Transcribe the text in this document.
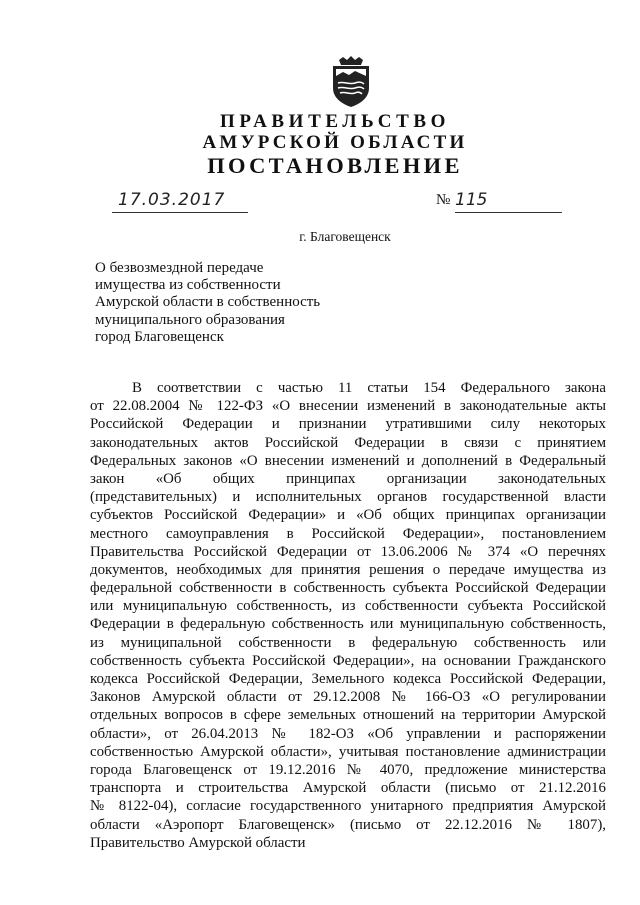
ПРАВИТЕЛЬСТВО
АМУРСКОЙ ОБЛАСТИ
ПОСТАНОВЛЕНИЕ
17.03.2017	№ 115
г. Благовещенск
О безвозмездной передаче
имущества из собственности
Амурской области в собственность
муниципального образования
город Благовещенск
В соответствии с частью 11 статьи 154 Федерального закона
от 22.08.2004 № 122-ФЗ «О внесении изменений в законодательные акты
Российской Федерации и признании утратившими силу некоторых
законодательных актов Российской Федерации в связи с принятием
Федеральных законов «О внесении изменений и дополнений в Федеральный
закон «Об общих принципах организации законодательных
(представительных) и исполнительных органов государственной власти
субъектов Российской Федерации» и «Об общих принципах организации
местного самоуправления в Российской Федерации», постановлением
Правительства Российской Федерации от 13.06.2006 № 374 «О перечнях
документов, необходимых для принятия решения о передаче имущества из
федеральной собственности в собственность субъекта Российской Федерации
или муниципальную собственность, из собственности субъекта Российской
Федерации в федеральную собственность или муниципальную собственность,
из муниципальной собственности в федеральную собственность или
собственность субъекта Российской Федерации», на основании Гражданского
кодекса Российской Федерации, Земельного кодекса Российской Федерации,
Законов Амурской области от 29.12.2008 № 166-ОЗ «О регулировании
отдельных вопросов в сфере земельных отношений на территории Амурской
области», от 26.04.2013 № 182-ОЗ «Об управлении и распоряжении
собственностью Амурской области», учитывая постановление администрации
города Благовещенск от 19.12.2016 № 4070, предложение министерства
транспорта и строительства Амурской области (письмо от 21.12.2016
№ 8122-04), согласие государственного унитарного предприятия Амурской
области «Аэропорт Благовещенск» (письмо от 22.12.2016 № 1807),
Правительство Амурской области
